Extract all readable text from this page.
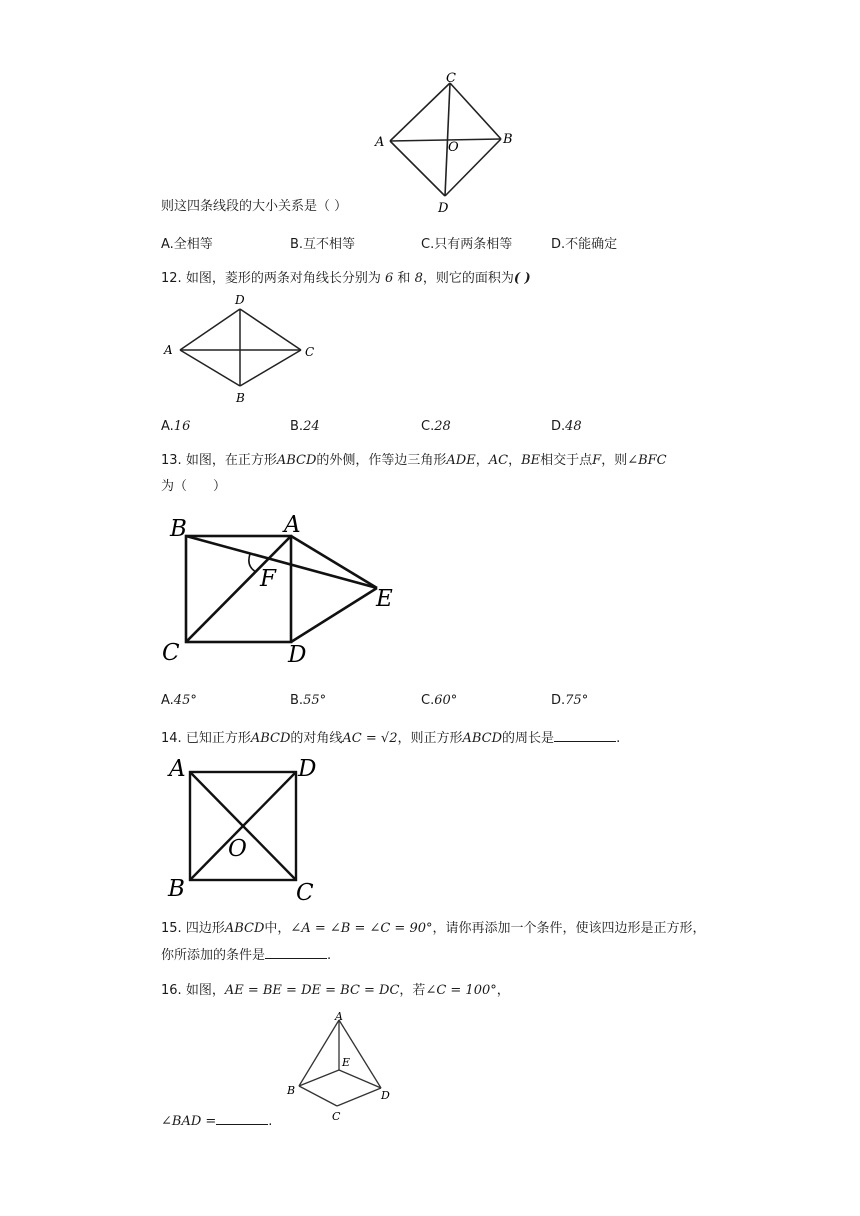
C
A	O
B
D
则这四条线段的大小关系是（ ）
A.全相等	B.互不相等	C.只有两条相等	D.不能确定
12. 如图，菱形的两条对角线长分别为 6 和 8，则它的面积为( )
D
A	C
B
A.16	B.24	C.28	D.48
13. 如图，在正方形ABCD的外侧，作等边三角形ADE，AC，BE相交于点F，则∠BFC
为（　　）
B	A
F
E
C	D
A.45°	B.55°	C.60°	D.75°
14. 已知正方形ABCD的对角线AC = √2，则正方形ABCD的周长是	.
A	D
O
B	C
15. 四边形ABCD中，∠A = ∠B = ∠C = 90°，请你再添加一个条件，使该四边形是正方形，
你所添加的条件是	.
16. 如图，AE = BE = DE = BC = DC，若∠C = 100°，
A
E
B	D
C
∠BAD =	.
